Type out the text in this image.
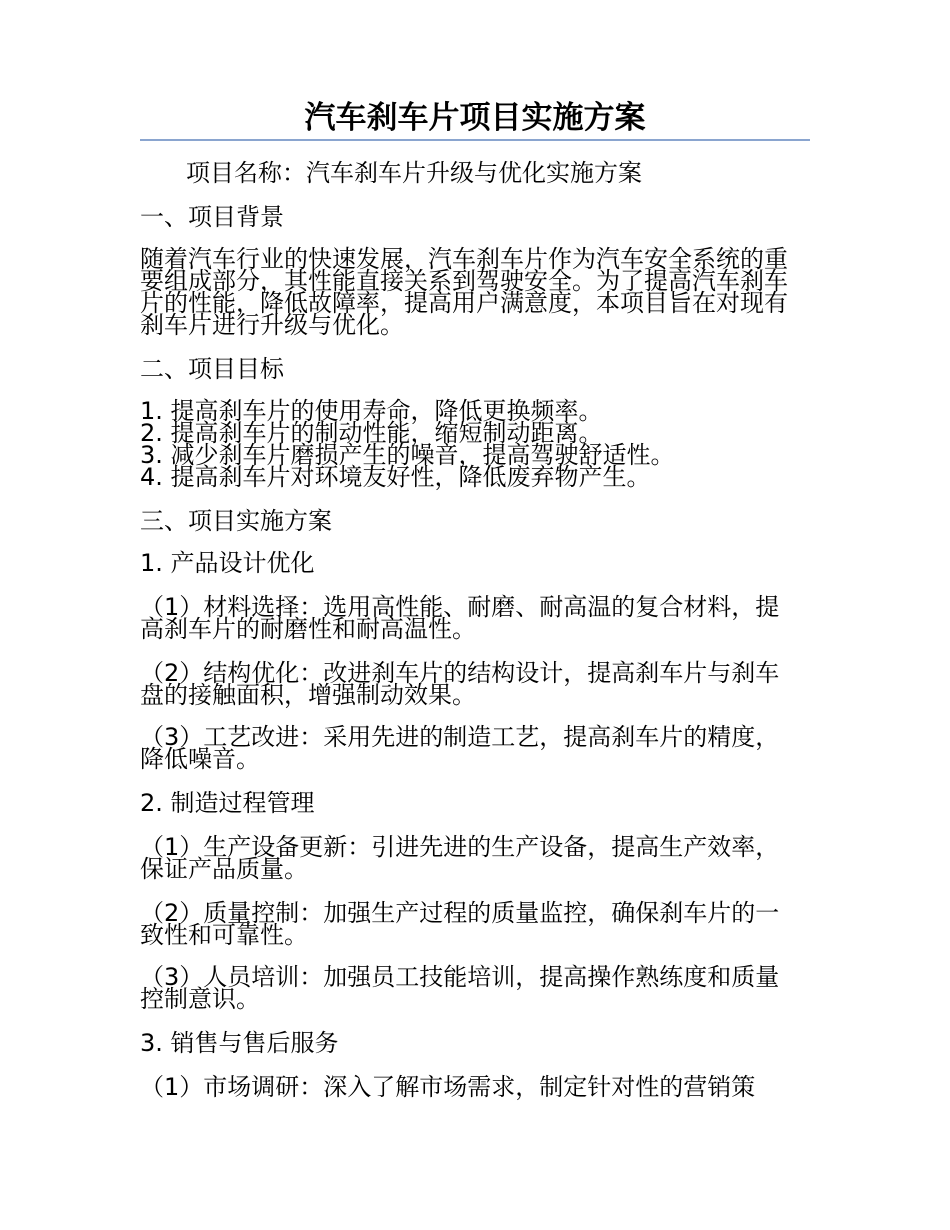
汽车刹车片项目实施方案
项目名称：汽车刹车片升级与优化实施方案
一、项目背景
随着汽车行业的快速发展，汽车刹车片作为汽车安全系统的重
要组成部分，其性能直接关系到驾驶安全。为了提高汽车刹车
片的性能，降低故障率，提高用户满意度，本项目旨在对现有
刹车片进行升级与优化。
二、项目目标
1. 提高刹车片的使用寿命，降低更换频率。
2. 提高刹车片的制动性能，缩短制动距离。
3. 减少刹车片磨损产生的噪音，提高驾驶舒适性。
4. 提高刹车片对环境友好性，降低废弃物产生。
三、项目实施方案
1. 产品设计优化
（1）材料选择：选用高性能、耐磨、耐高温的复合材料，提
高刹车片的耐磨性和耐高温性。
（2）结构优化：改进刹车片的结构设计，提高刹车片与刹车
盘的接触面积，增强制动效果。
（3）工艺改进：采用先进的制造工艺，提高刹车片的精度，
降低噪音。
2. 制造过程管理
（1）生产设备更新：引进先进的生产设备，提高生产效率，
保证产品质量。
（2）质量控制：加强生产过程的质量监控，确保刹车片的一
致性和可靠性。
（3）人员培训：加强员工技能培训，提高操作熟练度和质量
控制意识。
3. 销售与售后服务
（1）市场调研：深入了解市场需求，制定针对性的营销策
